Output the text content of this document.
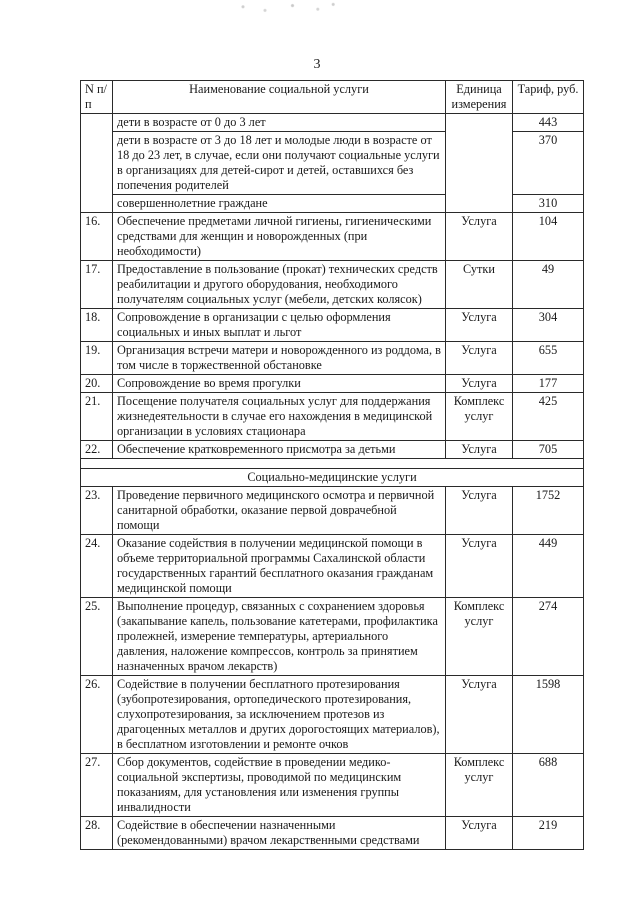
3
N п/п	Наименование социальной услуги	Единица измерения	Тариф, руб.
	дети в возрасте от 0 до 3 лет		443
	дети в возрасте от 3 до 18 лет и молодые люди в возрасте от 18 до 23 лет, в случае, если они получают социальные услуги в организациях для детей-сирот и детей, оставшихся без попечения родителей		370
	совершеннолетние граждане		310
16.	Обеспечение предметами личной гигиены, гигиеническими средствами для женщин и новорожденных (при необходимости)	Услуга	104
17.	Предоставление в пользование (прокат) технических средств реабилитации и другого оборудования, необходимого получателям социальных услуг (мебели, детских колясок)	Сутки	49
18.	Сопровождение в организации с целью оформления социальных и иных выплат и льгот	Услуга	304
19.	Организация встречи матери и новорожденного из роддома, в том числе в торжественной обстановке	Услуга	655
20.	Сопровождение во время прогулки	Услуга	177
21.	Посещение получателя социальных услуг для поддержания жизнедеятельности в случае его нахождения в медицинской организации в условиях стационара	Комплекс услуг	425
22.	Обеспечение кратковременного присмотра за детьми	Услуга	705

Социально-медицинские услуги			
23.	Проведение первичного медицинского осмотра и первичной санитарной обработки, оказание первой доврачебной помощи	Услуга	1752
24.	Оказание содействия в получении медицинской помощи в объеме территориальной программы Сахалинской области государственных гарантий бесплатного оказания гражданам медицинской помощи	Услуга	449
25.	Выполнение процедур, связанных с сохранением здоровья (закапывание капель, пользование катетерами, профилактика пролежней, измерение температуры, артериального давления, наложение компрессов, контроль за принятием назначенных врачом лекарств)	Комплекс услуг	274
26.	Содействие в получении бесплатного протезирования (зубопротезирования, ортопедического протезирования, слухопротезирования, за исключением протезов из драгоценных металлов и других дорогостоящих материалов), в бесплатном изготовлении и ремонте очков	Услуга	1598
27.	Сбор документов, содействие в проведении медико-социальной экспертизы, проводимой по медицинским показаниям, для установления или изменения группы инвалидности	Комплекс услуг	688
28.	Содействие в обеспечении назначенными (рекомендованными) врачом лекарственными средствами	Услуга	219
